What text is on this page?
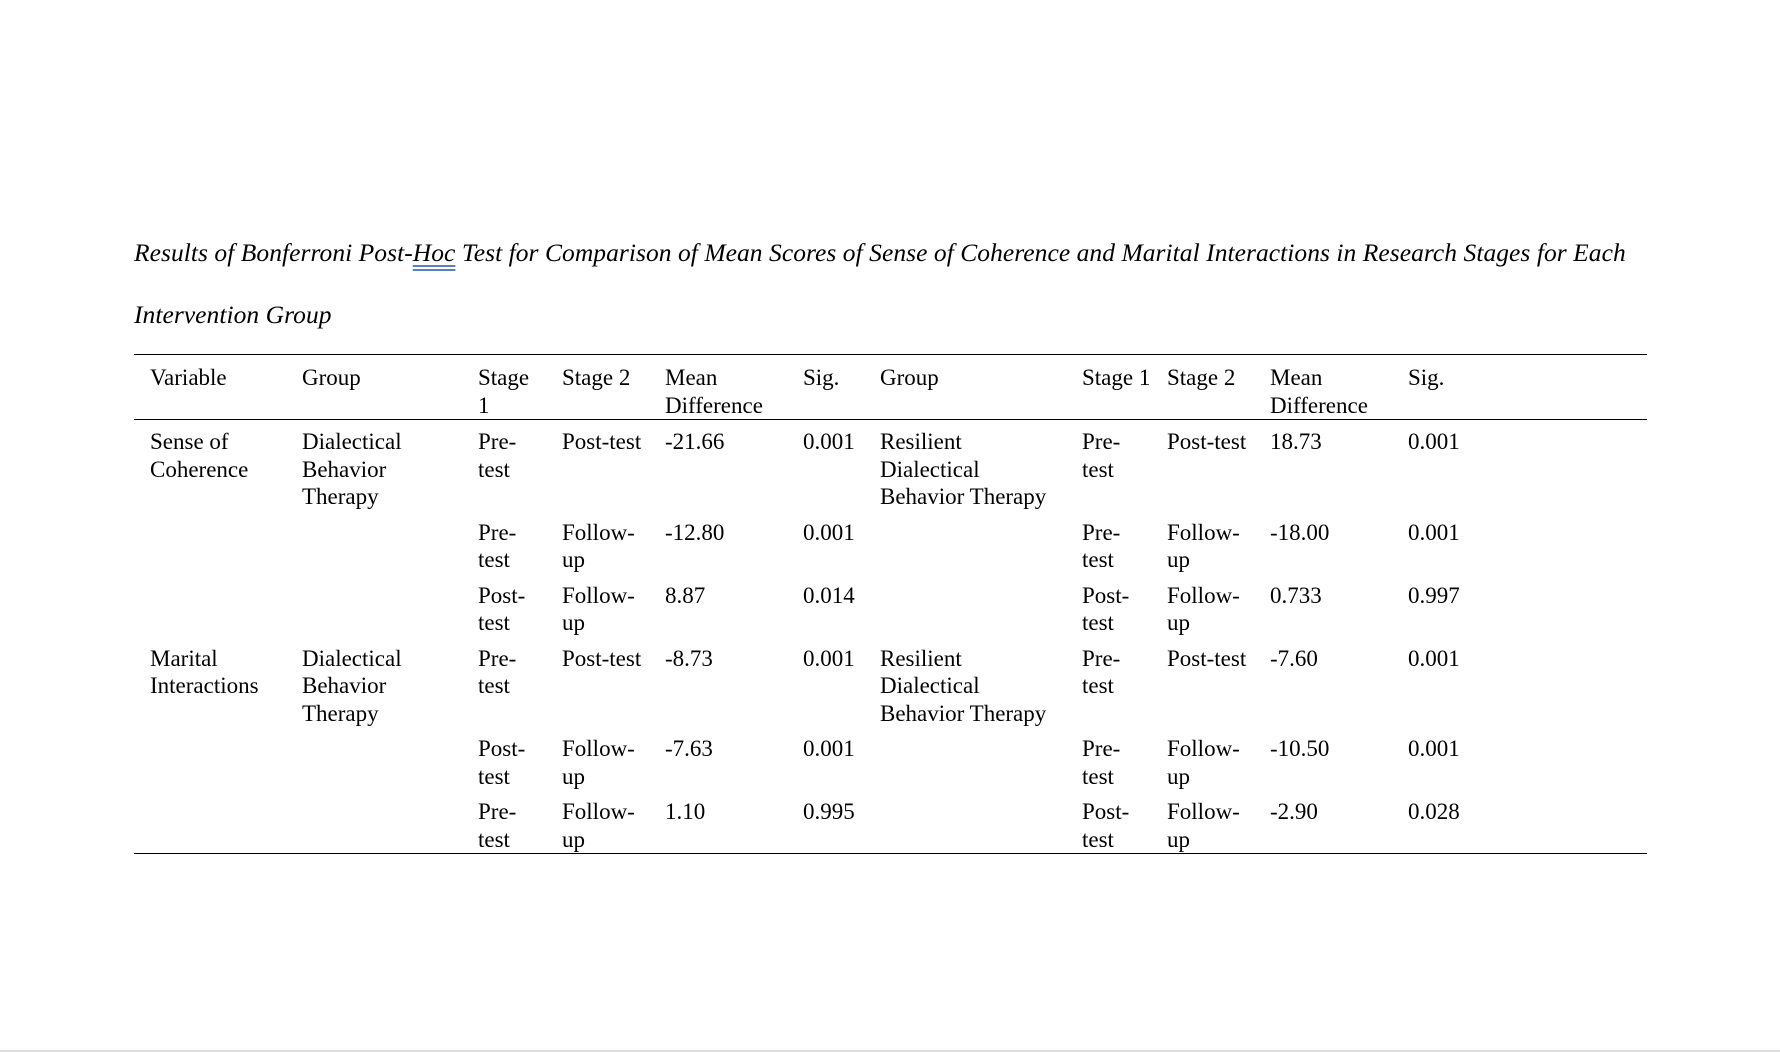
Results of Bonferroni Post-Hoc Test for Comparison of Mean Scores of Sense of Coherence and Marital Interactions in Research Stages for Each Intervention Group

Variable	Group	Stage 1	Stage 2	Mean Difference	Sig.	Group	Stage 1	Stage 2	Mean Difference	Sig.
Sense of Coherence	Dialectical Behavior Therapy	Pre-test	Post-test	-21.66	0.001	Resilient Dialectical Behavior Therapy	Pre-test	Post-test	18.73	0.001
		Pre-test	Follow-up	-12.80	0.001		Pre-test	Follow-up	-18.00	0.001
		Post-test	Follow-up	8.87	0.014		Post-test	Follow-up	0.733	0.997
Marital Interactions	Dialectical Behavior Therapy	Pre-test	Post-test	-8.73	0.001	Resilient Dialectical Behavior Therapy	Pre-test	Post-test	-7.60	0.001
		Post-test	Follow-up	-7.63	0.001		Pre-test	Follow-up	-10.50	0.001
		Pre-test	Follow-up	1.10	0.995		Post-test	Follow-up	-2.90	0.028
